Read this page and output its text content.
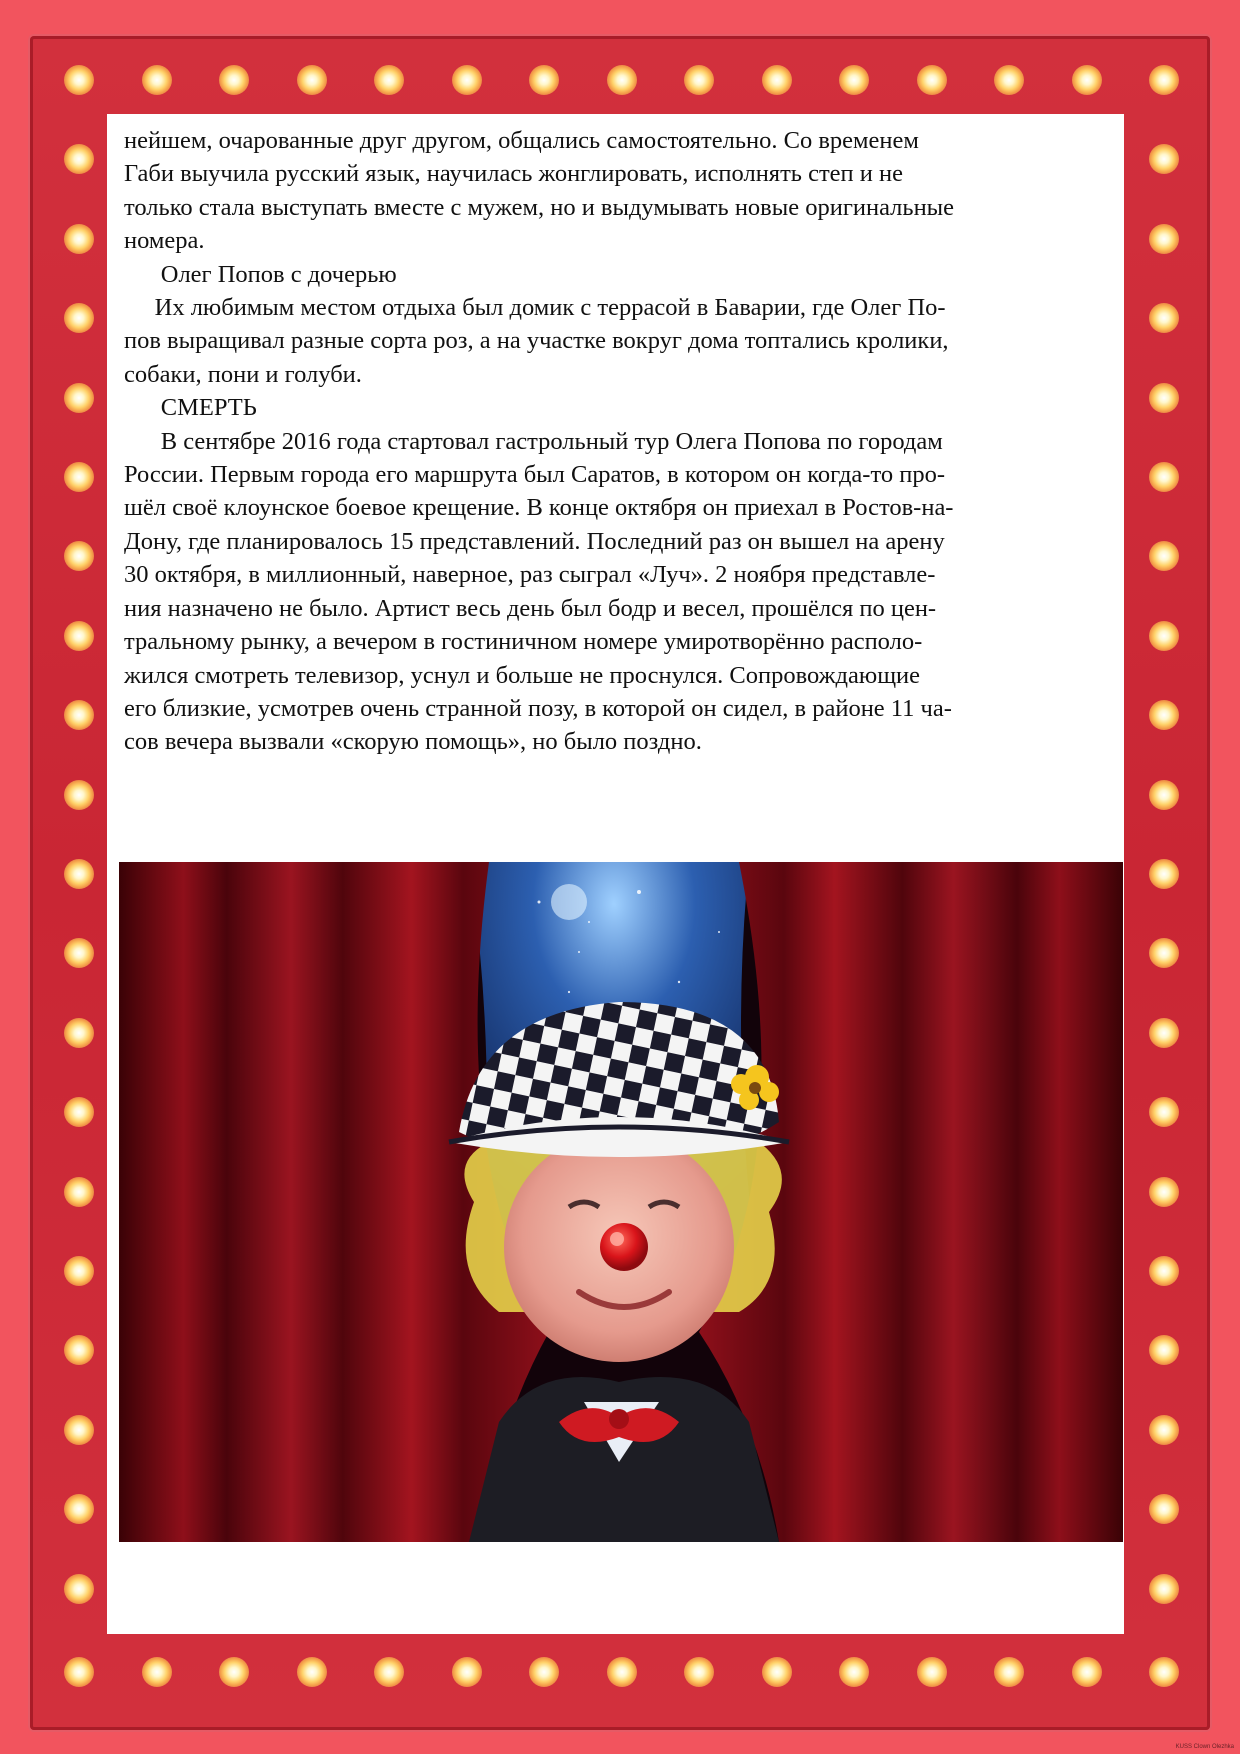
нейшем, очарованные друг другом, общались самостоятельно. Со временем
Габи выучила русский язык, научилась жонглировать, исполнять степ и не
только стала выступать вместе с мужем, но и выдумывать новые оригинальные
номера.
Олег Попов с дочерью
Их любимым местом отдыха был домик с террасой в Баварии, где Олег По-
пов выращивал разные сорта роз, а на участке вокруг дома топтались кролики,
собаки, пони и голуби.
СМЕРТЬ
В сентябре 2016 года стартовал гастрольный тур Олега Попова по городам
России. Первым города его маршрута был Саратов, в котором он когда-то про-
шёл своё клоунское боевое крещение. В конце октября он приехал в Ростов-на-
Дону, где планировалось 15 представлений. Последний раз он вышел на арену
30 октября, в миллионный, наверное, раз сыграл «Луч». 2 ноября представле-
ния назначено не было. Артист весь день был бодр и весел, прошёлся по цен-
тральному рынку, а вечером в гостиничном номере умиротворённо располо-
жился смотреть телевизор, уснул и больше не проснулся. Сопровождающие
его близкие, усмотрев очень странной позу, в которой он сидел, в районе 11 ча-
сов вечера вызвали «скорую помощь», но было поздно.
KUSS Clown Olezhka
